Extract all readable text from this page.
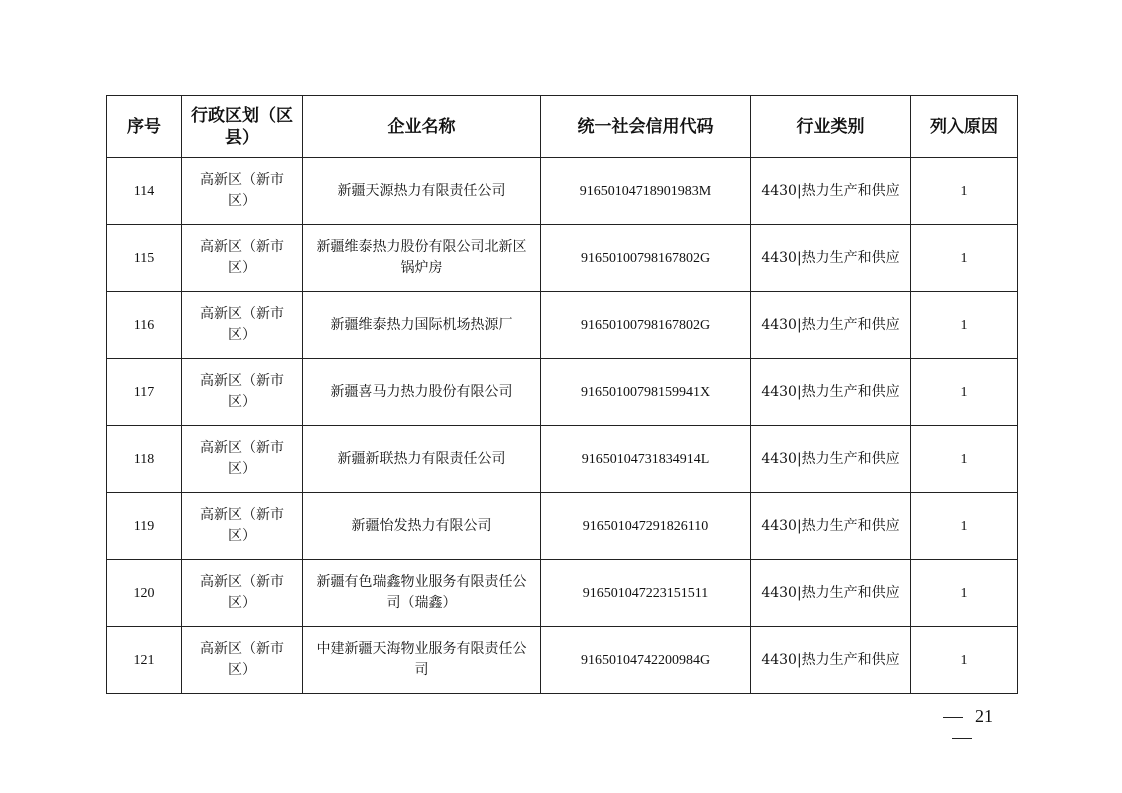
序号	行政区划（区县）	企业名称	统一社会信用代码	行业类别	列入原因
114	高新区（新市区）	新疆天源热力有限责任公司	91650104718901983M	4430|热力生产和供应	1
115	高新区（新市区）	新疆维泰热力股份有限公司北新区锅炉房	91650100798167802G	4430|热力生产和供应	1
116	高新区（新市区）	新疆维泰热力国际机场热源厂	91650100798167802G	4430|热力生产和供应	1
117	高新区（新市区）	新疆喜马力热力股份有限公司	91650100798159941X	4430|热力生产和供应	1
118	高新区（新市区）	新疆新联热力有限责任公司	91650104731834914L	4430|热力生产和供应	1
119	高新区（新市区）	新疆怡发热力有限公司	916501047291826110	4430|热力生产和供应	1
120	高新区（新市区）	新疆有色瑞鑫物业服务有限责任公司（瑞鑫）	916501047223151511	4430|热力生产和供应	1
121	高新区（新市区）	中建新疆天海物业服务有限责任公司	91650104742200984G	4430|热力生产和供应	1
21
